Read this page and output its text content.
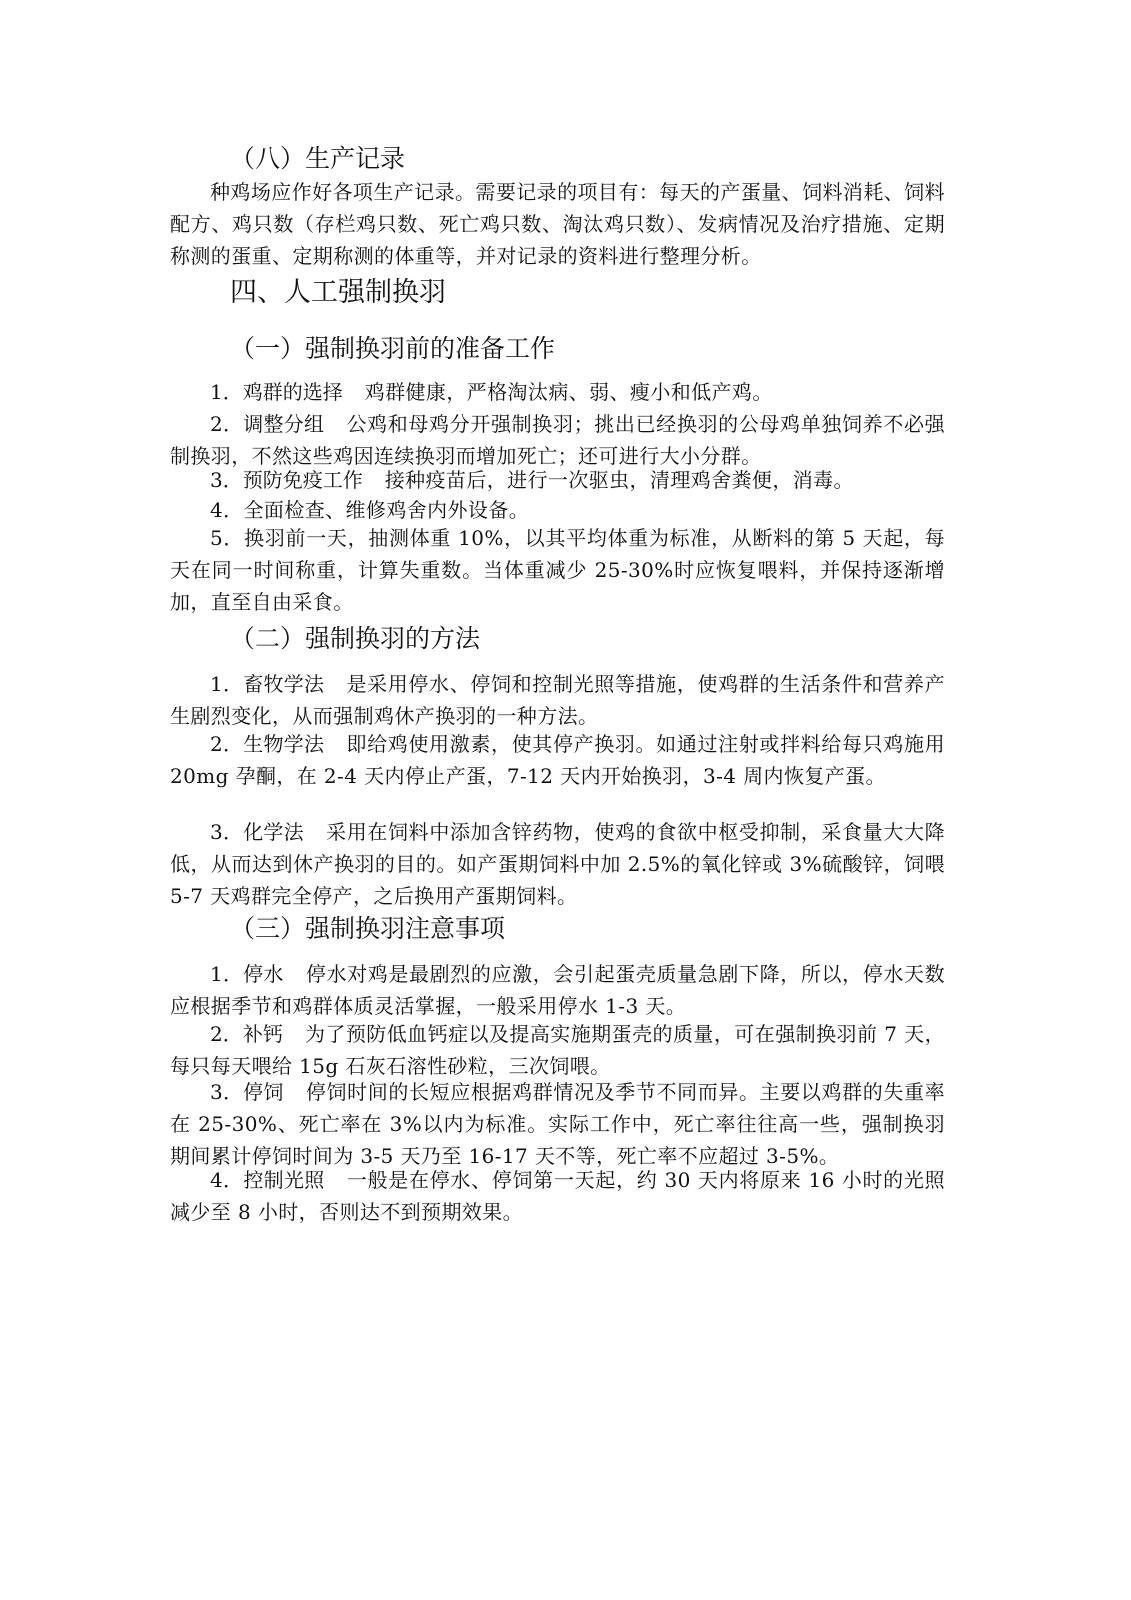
（八）生产记录
种鸡场应作好各项生产记录。需要记录的项目有：每天的产蛋量、饲料消耗、饲料配方、鸡只数（存栏鸡只数、死亡鸡只数、淘汰鸡只数）、发病情况及治疗措施、定期称测的蛋重、定期称测的体重等，并对记录的资料进行整理分析。
四、人工强制换羽
（一）强制换羽前的准备工作
1．鸡群的选择 鸡群健康，严格淘汰病、弱、瘦小和低产鸡。
2．调整分组 公鸡和母鸡分开强制换羽；挑出已经换羽的公母鸡单独饲养不必强制换羽，不然这些鸡因连续换羽而增加死亡；还可进行大小分群。
3．预防免疫工作 接种疫苗后，进行一次驱虫，清理鸡舍粪便，消毒。
4．全面检查、维修鸡舍内外设备。
5．换羽前一天，抽测体重 10%，以其平均体重为标准，从断料的第 5 天起，每天在同一时间称重，计算失重数。当体重减少 25-30%时应恢复喂料，并保持逐渐增加，直至自由采食。
（二）强制换羽的方法
1．畜牧学法 是采用停水、停饲和控制光照等措施，使鸡群的生活条件和营养产生剧烈变化，从而强制鸡休产换羽的一种方法。
2．生物学法 即给鸡使用激素，使其停产换羽。如通过注射或拌料给每只鸡施用 20mg 孕酮，在 2-4 天内停止产蛋，7-12 天内开始换羽，3-4 周内恢复产蛋。
3．化学法 采用在饲料中添加含锌药物，使鸡的食欲中枢受抑制，采食量大大降低，从而达到休产换羽的目的。如产蛋期饲料中加 2.5%的氧化锌或 3%硫酸锌，饲喂 5-7 天鸡群完全停产，之后换用产蛋期饲料。
（三）强制换羽注意事项
1．停水 停水对鸡是最剧烈的应激，会引起蛋壳质量急剧下降，所以，停水天数应根据季节和鸡群体质灵活掌握，一般采用停水 1-3 天。
2．补钙 为了预防低血钙症以及提高实施期蛋壳的质量，可在强制换羽前 7 天，每只每天喂给 15g 石灰石溶性砂粒，三次饲喂。
3．停饲 停饲时间的长短应根据鸡群情况及季节不同而异。主要以鸡群的失重率在 25-30%、死亡率在 3%以内为标准。实际工作中，死亡率往往高一些，强制换羽期间累计停饲时间为 3-5 天乃至 16-17 天不等，死亡率不应超过 3-5%。
4．控制光照 一般是在停水、停饲第一天起，约 30 天内将原来 16 小时的光照减少至 8 小时，否则达不到预期效果。
